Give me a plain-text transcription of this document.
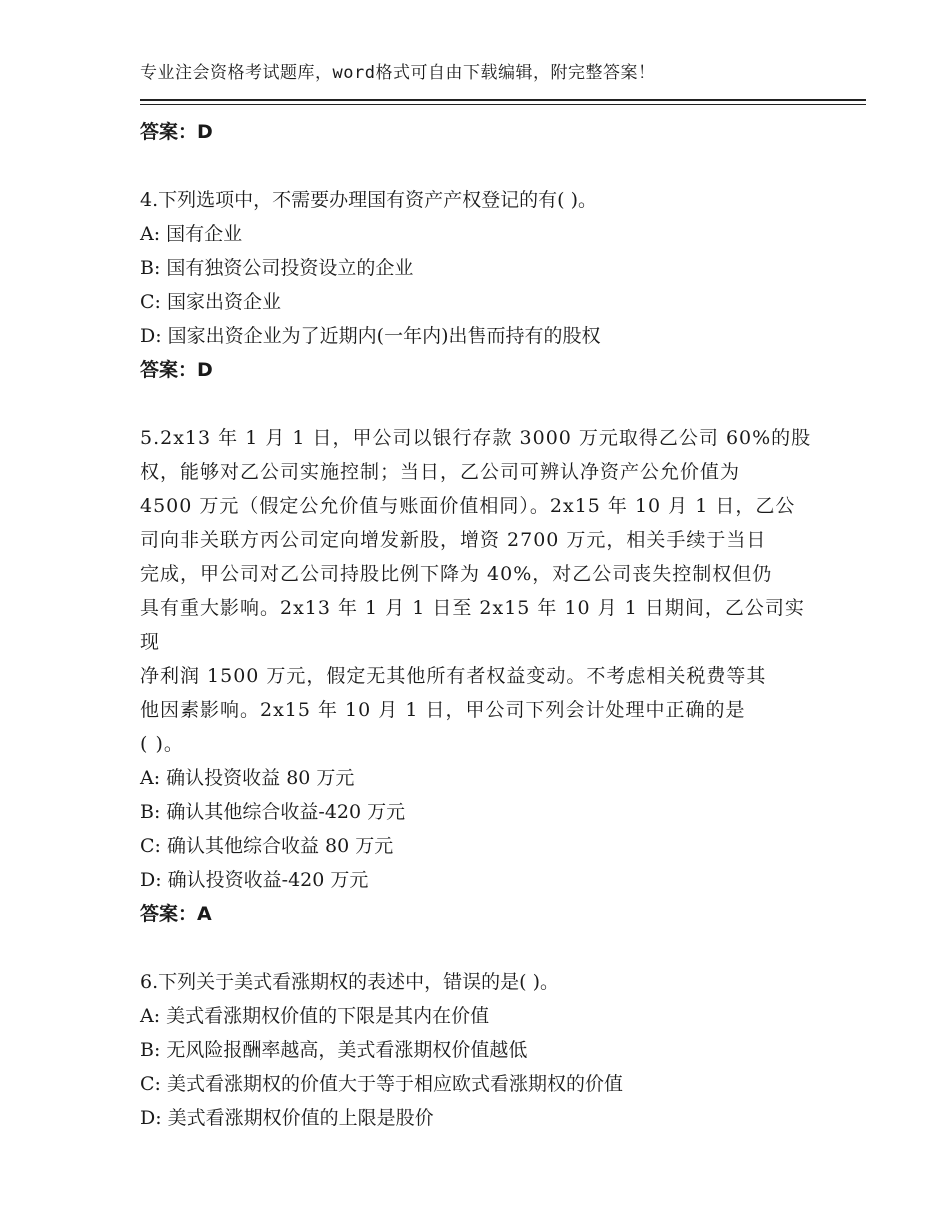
专业注会资格考试题库，word格式可自由下载编辑，附完整答案！
答案：D
4.下列选项中，不需要办理国有资产产权登记的有( )。
A: 国有企业
B: 国有独资公司投资设立的企业
C: 国家出资企业
D: 国家出资企业为了近期内(一年内)出售而持有的股权
答案：D
5.2x13 年 1 月 1 日，甲公司以银行存款 3000 万元取得乙公司 60%的股
权，能够对乙公司实施控制；当日，乙公司可辨认净资产公允价值为
4500 万元（假定公允价值与账面价值相同）。2x15 年 10 月 1 日，乙公
司向非关联方丙公司定向增发新股，增资 2700 万元，相关手续于当日
完成，甲公司对乙公司持股比例下降为 40%，对乙公司丧失控制权但仍
具有重大影响。2x13 年 1 月 1 日至 2x15 年 10 月 1 日期间，乙公司实现
净利润 1500 万元，假定无其他所有者权益变动。不考虑相关税费等其
他因素影响。2x15 年 10 月 1 日，甲公司下列会计处理中正确的是
( )。
A: 确认投资收益 80 万元
B: 确认其他综合收益-420 万元
C: 确认其他综合收益 80 万元
D: 确认投资收益-420 万元
答案：A
6.下列关于美式看涨期权的表述中，错误的是( )。
A: 美式看涨期权价值的下限是其内在价值
B: 无风险报酬率越高，美式看涨期权价值越低
C: 美式看涨期权的价值大于等于相应欧式看涨期权的价值
D: 美式看涨期权价值的上限是股价
